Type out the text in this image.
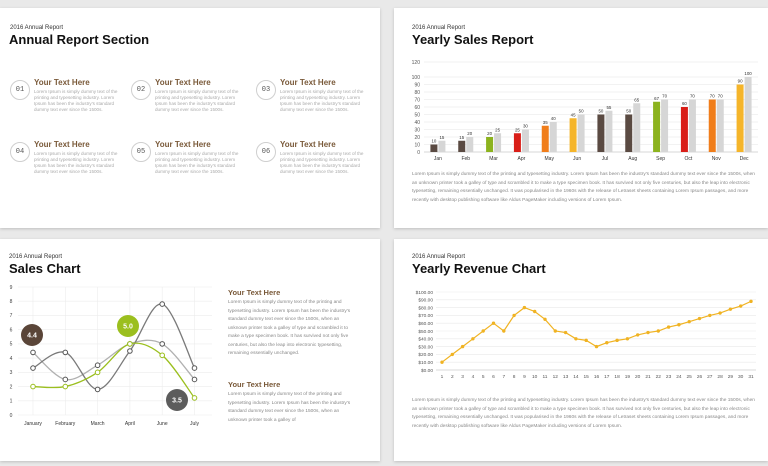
2016 Annual Report
Annual Report Section
01
Your Text Here
Lorem Ipsum is simply dummy text of the printing and typesetting industry. Lorem Ipsum has been the industry's standard dummy text ever since the 1500s.
02
Your Text Here
Lorem Ipsum is simply dummy text of the printing and typesetting industry. Lorem Ipsum has been the industry's standard dummy text ever since the 1500s.
03
Your Text Here
Lorem Ipsum is simply dummy text of the printing and typesetting industry. Lorem Ipsum has been the industry's standard dummy text ever since the 1500s.
04
Your Text Here
Lorem Ipsum is simply dummy text of the printing and typesetting industry. Lorem Ipsum has been the industry's standard dummy text ever since the 1500s.
05
Your Text Here
Lorem Ipsum is simply dummy text of the printing and typesetting industry. Lorem Ipsum has been the industry's standard dummy text ever since the 1500s.
06
Your Text Here
Lorem Ipsum is simply dummy text of the printing and typesetting industry. Lorem Ipsum has been the industry's standard dummy text ever since the 1500s.
2016 Annual Report
Yearly Sales Report
0
10
20
30
40
50
60
70
80
90
100
120
10
15
Jan
15
20
Feb
20
25
Mar
25
30
Apr
35
40
May
45
50
Jun
50
55
Jul
50
65
Aug
67 70
Sep
60
70
Oct
70 70
Nov
90
100
Dec
Lorem Ipsum is simply dummy text of the printing and typesetting industry. Lorem Ipsum has been the industry's standard dummy text ever since the 1500s, when an unknown printer took a galley of type and scrambled it to make a type specimen book. It has survived not only five centuries, but also the leap into electronic typesetting, remaining essentially unchanged. It was popularised in the 1960s with the release of Letraset sheets containing Lorem Ipsum passages, and more recently with desktop publishing software like Aldus PageMaker including versions of Lorem Ipsum.
2016 Annual Report
Sales Chart
0
1
2
3
4
5
6
7
8
9
January	February	March	April	June	July
4.4
5.0
3.5
Your Text Here
Lorem Ipsum is simply dummy text of the printing and typesetting industry. Lorem Ipsum has been the industry's standard dummy text ever since the 1500s, when an unknown printer took a galley of type and scrambled it to make a type specimen book. It has survived not only five centuries, but also the leap into electronic typesetting, remaining essentially unchanged.
Your Text Here
Lorem Ipsum is simply dummy text of the printing and typesetting industry. Lorem Ipsum has been the industry's standard dummy text ever since the 1500s, when an unknown printer took a galley of
2016 Annual Report
Yearly Revenue Chart
$0.00
$10.00
$20.00
$30.00
$40.00
$50.00
$60.00
$70.00
$80.00
$90.00
$100.00
1 2 3 4 5 6 7 8 9 10 11 12 13 14 15 16 17 18 19 20 21 22 23 24 25 26 27 28 29 30 31
Lorem Ipsum is simply dummy text of the printing and typesetting industry. Lorem Ipsum has been the industry's standard dummy text ever since the 1500s, when an unknown printer took a galley of type and scrambled it to make a type specimen book. It has survived not only five centuries, but also the leap into electronic typesetting, remaining essentially unchanged. It was popularised in the 1960s with the release of Letraset sheets containing Lorem Ipsum passages, and more recently with desktop publishing software like Aldus PageMaker including versions of Lorem Ipsum.
